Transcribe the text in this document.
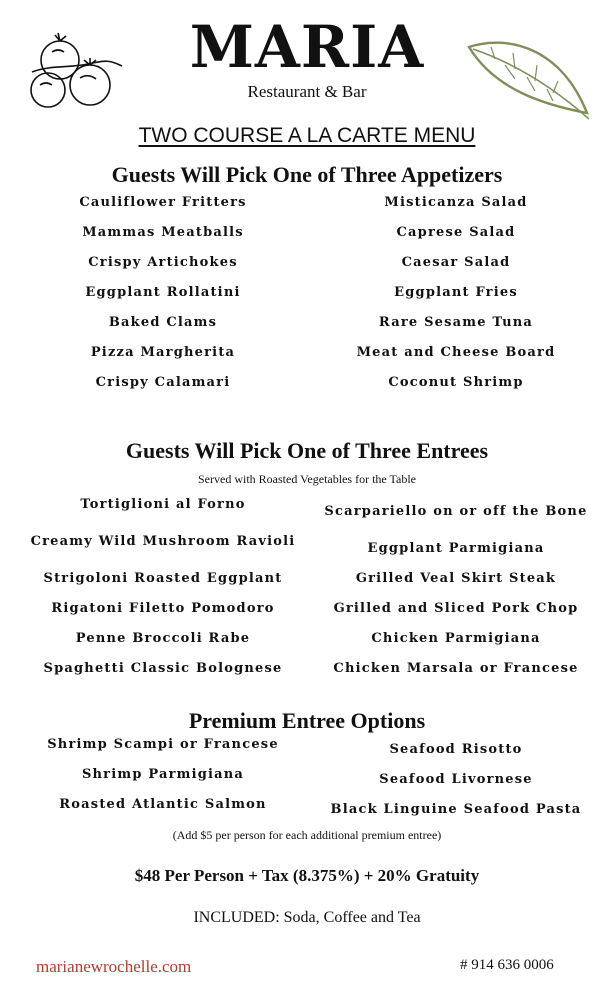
MARIA
Restaurant & Bar
TWO COURSE A LA CARTE MENU
Guests Will Pick One of Three Appetizers
Cauliflower Fritters
Mammas Meatballs
Crispy Artichokes
Eggplant Rollatini
Baked Clams
Pizza Margherita
Crispy Calamari
Misticanza Salad
Caprese Salad
Caesar Salad
Eggplant Fries
Rare Sesame Tuna
Meat and Cheese Board
Coconut Shrimp
Guests Will Pick One of Three Entrees
Served with Roasted Vegetables for the Table
Tortiglioni al Forno
Creamy Wild Mushroom Ravioli
Strigoloni Roasted Eggplant
Rigatoni Filetto Pomodoro
Penne Broccoli Rabe
Spaghetti Classic Bolognese
Scarpariello on or off the Bone
Eggplant Parmigiana
Grilled Veal Skirt Steak
Grilled and Sliced Pork Chop
Chicken Parmigiana
Chicken Marsala or Francese
Premium Entree Options
Shrimp Scampi or Francese
Shrimp Parmigiana
Roasted Atlantic Salmon
Seafood Risotto
Seafood Livornese
Black Linguine Seafood Pasta
(Add $5 per person for each additional premium entree)
$48 Per Person + Tax (8.375%) + 20% Gratuity
INCLUDED: Soda, Coffee and Tea
marianewrochelle.com	# 914 636 0006
